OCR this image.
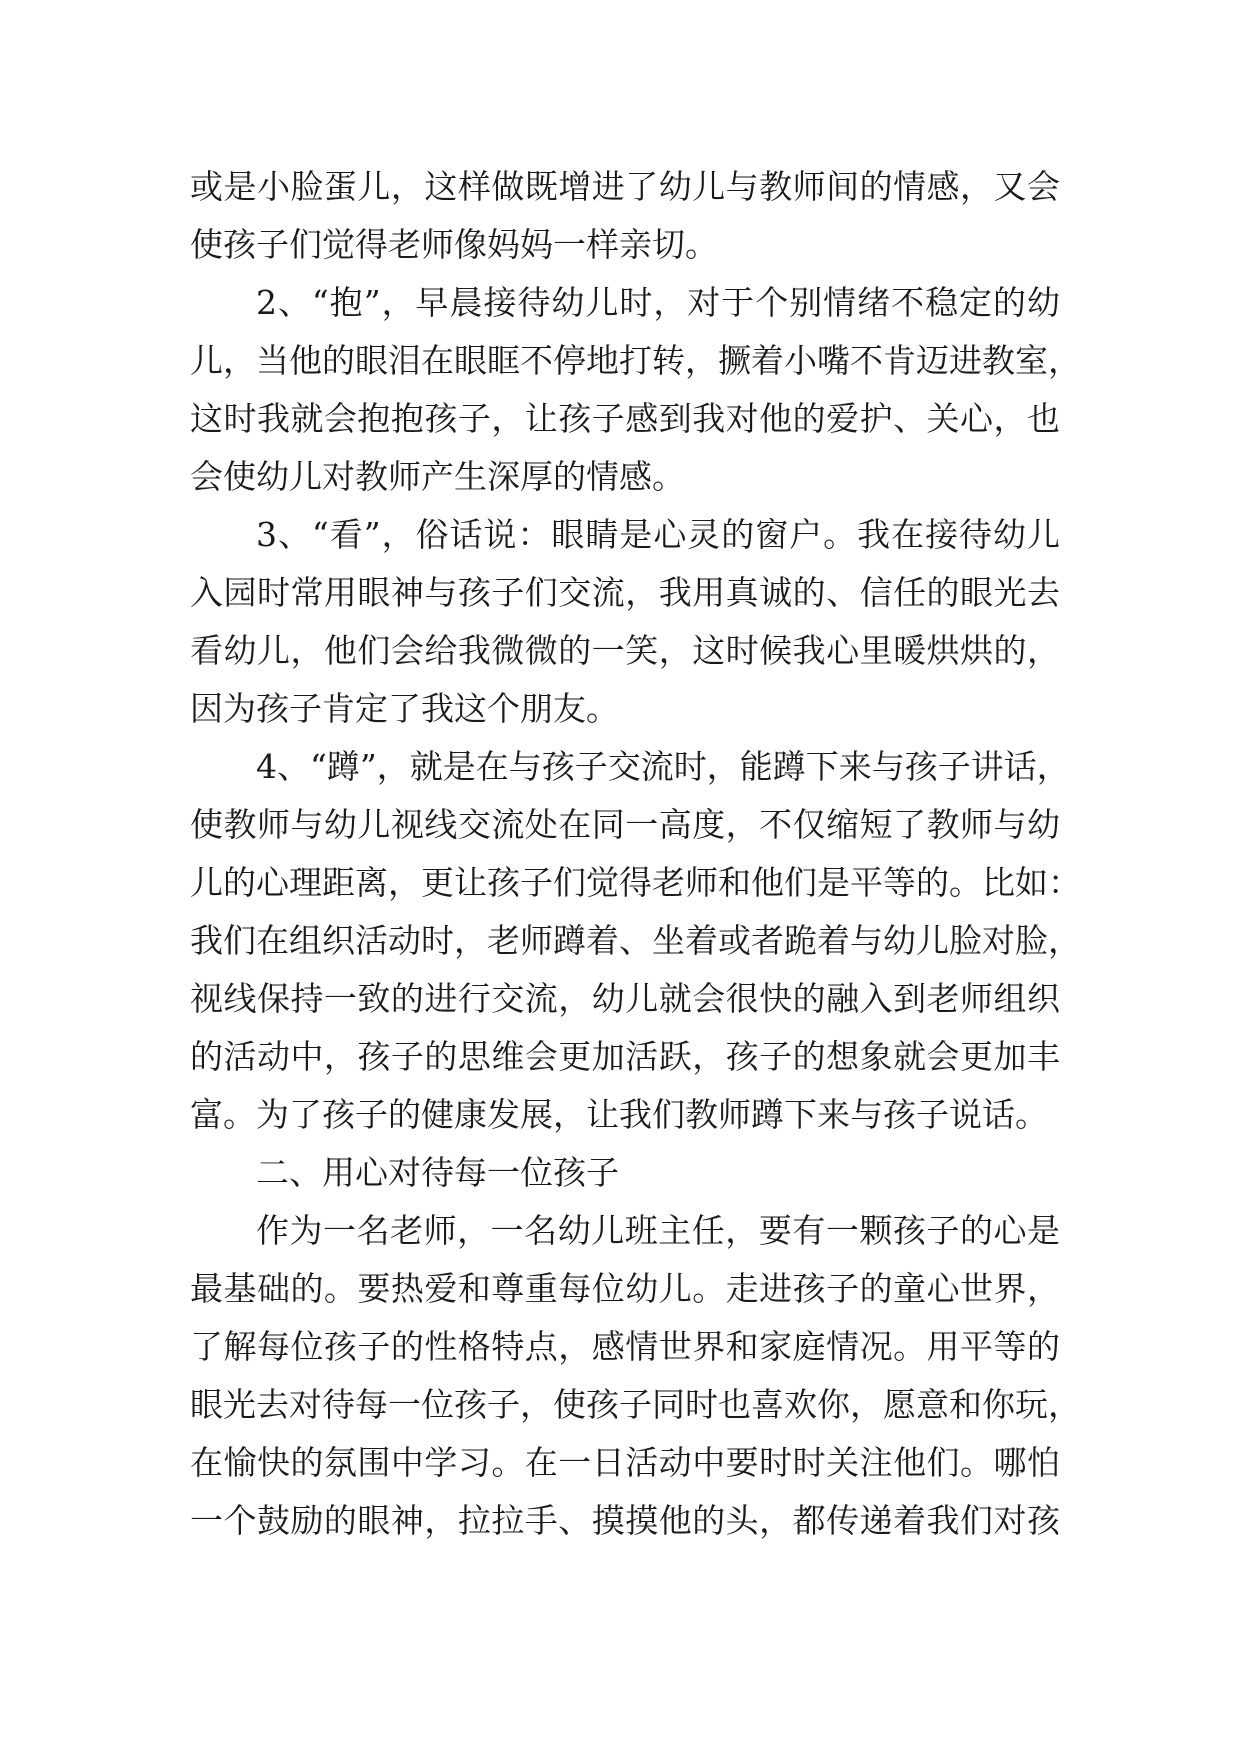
或是小脸蛋儿，这样做既增进了幼儿与教师间的情感，又会
使孩子们觉得老师像妈妈一样亲切。
2、“抱”，早晨接待幼儿时，对于个别情绪不稳定的幼
儿，当他的眼泪在眼眶不停地打转，撅着小嘴不肯迈进教室，
这时我就会抱抱孩子，让孩子感到我对他的爱护、关心，也
会使幼儿对教师产生深厚的情感。
3、“看”，俗话说：眼睛是心灵的窗户。我在接待幼儿
入园时常用眼神与孩子们交流，我用真诚的、信任的眼光去
看幼儿，他们会给我微微的一笑，这时候我心里暖烘烘的，
因为孩子肯定了我这个朋友。
4、“蹲”，就是在与孩子交流时，能蹲下来与孩子讲话，
使教师与幼儿视线交流处在同一高度，不仅缩短了教师与幼
儿的心理距离，更让孩子们觉得老师和他们是平等的。比如：
我们在组织活动时，老师蹲着、坐着或者跪着与幼儿脸对脸，
视线保持一致的进行交流，幼儿就会很快的融入到老师组织
的活动中，孩子的思维会更加活跃，孩子的想象就会更加丰
富。为了孩子的健康发展，让我们教师蹲下来与孩子说话。
二、用心对待每一位孩子
作为一名老师，一名幼儿班主任，要有一颗孩子的心是
最基础的。要热爱和尊重每位幼儿。走进孩子的童心世界，
了解每位孩子的性格特点，感情世界和家庭情况。用平等的
眼光去对待每一位孩子，使孩子同时也喜欢你，愿意和你玩，
在愉快的氛围中学习。在一日活动中要时时关注他们。哪怕
一个鼓励的眼神，拉拉手、摸摸他的头，都传递着我们对孩
